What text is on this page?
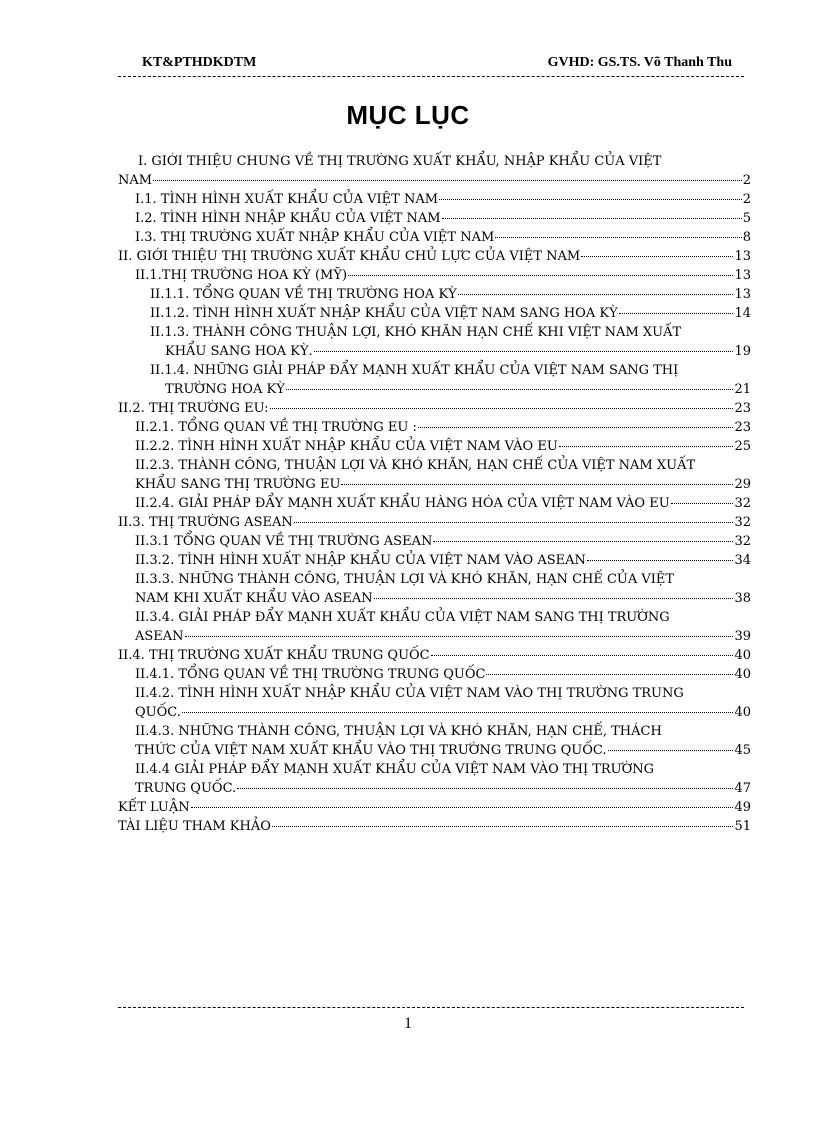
KT&PTHDKDTM	GVHD: GS.TS. Võ Thanh Thu
MỤC LỤC
I. GIỚI THIỆU CHUNG VỀ THỊ TRƯỜNG XUẤT KHẨU, NHẬP KHẨU CỦA VIỆT
NAM	2
I.1. TÌNH HÌNH XUẤT KHẨU CỦA VIỆT NAM	2
I.2. TÌNH HÌNH NHẬP KHẨU CỦA VIỆT NAM	5
I.3. THỊ TRƯỜNG XUẤT NHẬP KHẨU CỦA VIỆT NAM	8
II. GIỚI THIỆU THỊ TRƯỜNG XUẤT KHẨU CHỦ LỰC CỦA VIỆT NAM	13
II.1.THỊ TRƯỜNG HOA KỲ (MỸ)	13
II.1.1. TỔNG QUAN VỀ THỊ TRƯỜNG HOA KỲ	13
II.1.2. TÌNH HÌNH XUẤT NHẬP KHẨU CỦA VIỆT NAM SANG HOA KỲ	14
II.1.3. THÀNH CÔNG THUẬN LỢI, KHÓ KHĂN HẠN CHẾ KHI VIỆT NAM XUẤT
KHẨU SANG HOA KỲ.	19
II.1.4. NHỮNG GIẢI PHÁP ĐẨY MẠNH XUẤT KHẨU CỦA VIỆT NAM SANG THỊ
TRƯỜNG HOA KỲ	21
II.2. THỊ TRƯỜNG EU:	23
II.2.1. TỔNG QUAN VỀ THỊ TRƯỜNG EU :	23
II.2.2. TÌNH HÌNH XUẤT NHẬP KHẨU CỦA VIỆT NAM VÀO EU	25
II.2.3. THÀNH CÔNG, THUẬN LỢI VÀ KHÓ KHĂN, HẠN CHẾ CỦA VIỆT NAM XUẤT
KHẨU SANG THỊ TRƯỜNG EU	29
II.2.4. GIẢI PHÁP ĐẨY MẠNH XUẤT KHẨU HÀNG HÓA CỦA VIỆT NAM VÀO EU	32
II.3. THỊ TRƯỜNG ASEAN	32
II.3.1 TỔNG QUAN VỀ THỊ TRƯỜNG ASEAN	32
II.3.2. TÌNH HÌNH XUẤT NHẬP KHẨU CỦA VIỆT NAM VÀO ASEAN	34
II.3.3. NHỮNG THÀNH CÔNG, THUẬN LỢI VÀ KHÓ KHĂN, HẠN CHẾ CỦA VIỆT
NAM KHI XUẤT KHẨU VÀO ASEAN	38
II.3.4. GIẢI PHÁP ĐẨY MẠNH XUẤT KHẨU CỦA VIỆT NAM SANG THỊ TRƯỜNG
ASEAN	39
II.4. THỊ TRƯỜNG XUẤT KHẨU TRUNG QUỐC	40
II.4.1. TỔNG QUAN VỀ THỊ TRƯỜNG TRUNG QUỐC	40
II.4.2. TÌNH HÌNH XUẤT NHẬP KHẨU CỦA VIỆT NAM VÀO THỊ TRƯỜNG TRUNG
QUỐC.	40
II.4.3. NHỮNG THÀNH CÔNG, THUẬN LỢI VÀ KHÓ KHĂN, HẠN CHẾ, THÁCH
THỨC CỦA VIỆT NAM XUẤT KHẨU VÀO THỊ TRƯỜNG TRUNG QUỐC.	45
II.4.4 GIẢI PHÁP ĐẨY MẠNH XUẤT KHẨU CỦA VIỆT NAM VÀO THỊ TRƯỜNG
TRUNG QUỐC.	47
KẾT LUẬN	49
TÀI LIỆU THAM KHẢO	51
1
